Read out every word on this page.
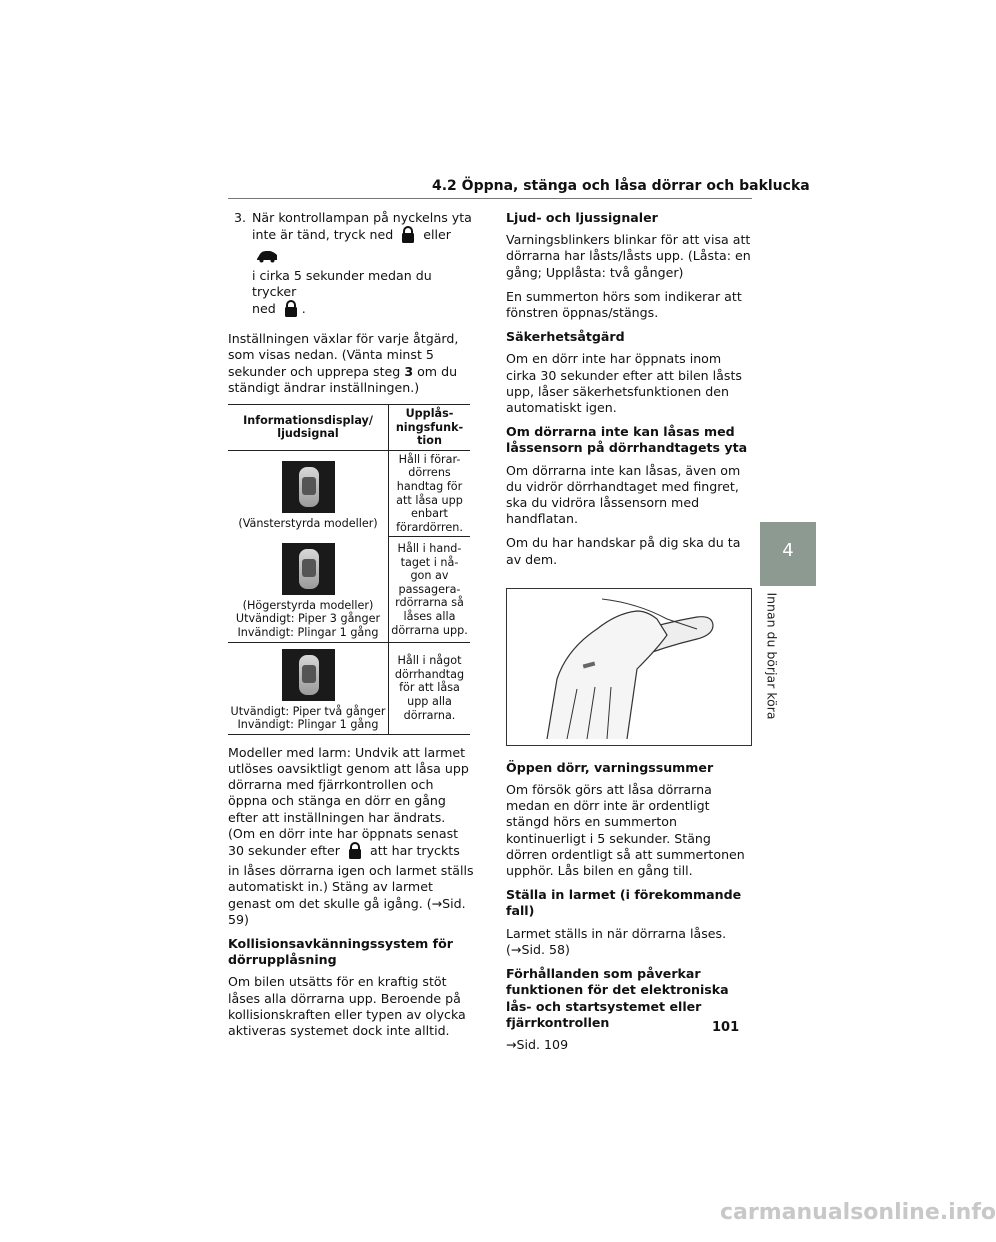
4.2 Öppna, stänga och låsa dörrar och baklucka
3. När kontrollampan på nyckelns yta
inte är tänd, tryck ned eller
i cirka 5 sekunder medan du trycker
ned .

Inställningen växlar för varje åtgärd, som visas nedan. (Vänta minst 5 sekunder och upprepa steg 3 om du ständigt ändrar inställningen.)

Informationsdisplay/ ljudsignal	Upplås-ningsfunk-tion

(Vänsterstyrda modeller)	Håll i förar-dörrens handtag för att låsa upp enbart förardörren.

(Högerstyrda modeller)
Utvändigt: Piper 3 gånger
Invändigt: Plingar 1 gång	Håll i hand-taget i nå-gon av passagera-rdörrarna så låses alla dörrarna upp.

Utvändigt: Piper två gånger
Invändigt: Plingar 1 gång	Håll i något dörrhandtag för att låsa upp alla dörrarna.

Modeller med larm: Undvik att larmet utlöses oavsiktligt genom att låsa upp dörrarna med fjärrkontrollen och öppna och stänga en dörr en gång efter att inställningen har ändrats. (Om en dörr inte har öppnats senast 30 sekunder efter att har tryckts in låses dörrarna igen och larmet ställs automatiskt in.) Stäng av larmet genast om det skulle gå igång. (→Sid. 59)

Kollisionsavkänningssystem för dörrupplåsning

Om bilen utsätts för en kraftig stöt låses alla dörrarna upp. Beroende på kollisionskraften eller typen av olycka aktiveras systemet dock inte alltid.

Ljud- och ljussignaler

Varningsblinkers blinkar för att visa att dörrarna har låsts/låsts upp. (Låsta: en gång; Upplåsta: två gånger)

En summerton hörs som indikerar att fönstren öppnas/stängs.

Säkerhetsåtgärd

Om en dörr inte har öppnats inom cirka 30 sekunder efter att bilen låsts upp, låser säkerhetsfunktionen den automatiskt igen.

Om dörrarna inte kan låsas med låssensorn på dörrhandtagets yta

Om dörrarna inte kan låsas, även om du vidrör dörrhandtaget med fingret, ska du vidröra låssensorn med handflatan.

Om du har handskar på dig ska du ta av dem.

Öppen dörr, varningssummer

Om försök görs att låsa dörrarna medan en dörr inte är ordentligt stängd hörs en summerton kontinuerligt i 5 sekunder. Stäng dörren ordentligt så att summertonen upphör. Lås bilen en gång till.

Ställa in larmet (i förekommande fall)

Larmet ställs in när dörrarna låses. (→Sid. 58)

Förhållanden som påverkar funktionen för det elektroniska lås- och startsystemet eller fjärrkontrollen

→Sid. 109

4
Innan du börjar köra
101
carmanualsonline.info
